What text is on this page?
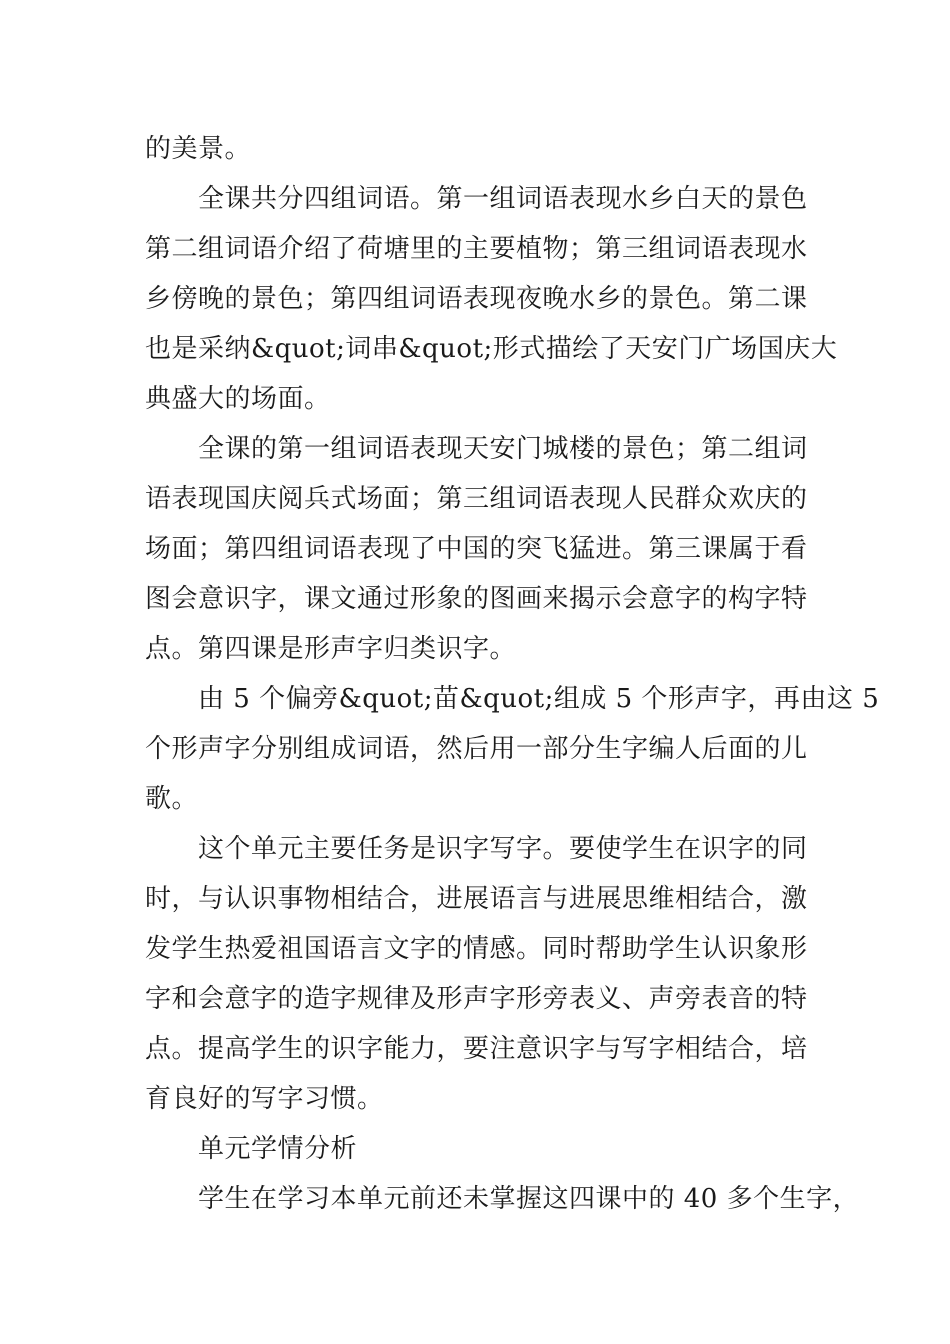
的美景。
全课共分四组词语。第一组词语表现水乡白天的景色
第二组词语介绍了荷塘里的主要植物；第三组词语表现水
乡傍晚的景色；第四组词语表现夜晚水乡的景色。第二课
也是采纳&quot;词串&quot;形式描绘了天安门广场国庆大
典盛大的场面。
全课的第一组词语表现天安门城楼的景色；第二组词
语表现国庆阅兵式场面；第三组词语表现人民群众欢庆的
场面；第四组词语表现了中国的突飞猛进。第三课属于看
图会意识字，课文通过形象的图画来揭示会意字的构字特
点。第四课是形声字归类识字。
由 5 个偏旁&quot;苗&quot;组成 5 个形声字，再由这 5
个形声字分别组成词语，然后用一部分生字编人后面的儿
歌。
这个单元主要任务是识字写字。要使学生在识字的同
时，与认识事物相结合，进展语言与进展思维相结合，激
发学生热爱祖国语言文字的情感。同时帮助学生认识象形
字和会意字的造字规律及形声字形旁表义、声旁表音的特
点。提高学生的识字能力，要注意识字与写字相结合，培
育良好的写字习惯。
单元学情分析
学生在学习本单元前还未掌握这四课中的 40 多个生字，
